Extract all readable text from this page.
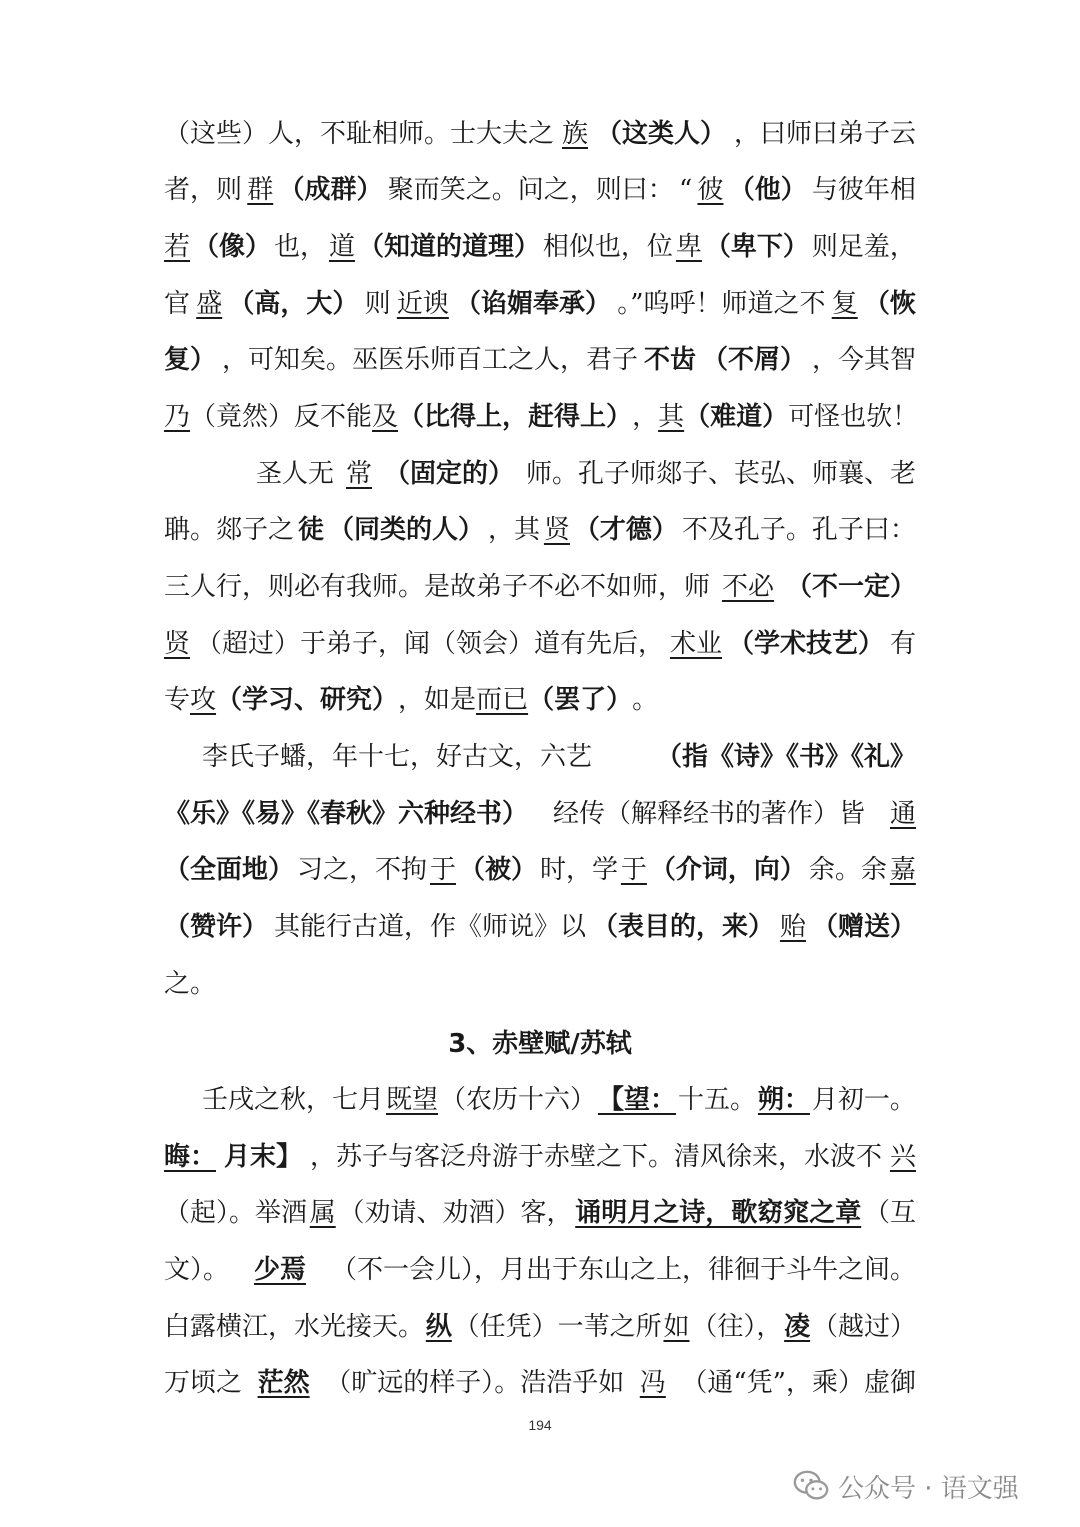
（这些）人，不耻相师。士大夫之 族 （这类人） ，曰师曰弟子云
者，则 群 （成群） 聚而笑之。问之，则曰： “ 彼 （他） 与彼年相
若 （像） 也， 道 （知道的道理） 相似也，位 卑 （卑下） 则足羞，
官 盛 （高，大） 则 近谀 （谄媚奉承） 。”呜呼！师道之不 复 （恢
复） ，可知矣。巫医乐师百工之人，君子 不齿 （不屑） ，今其智
乃 （竟然）反不能 及 （比得上，赶得上） ， 其 （难道） 可怪也欤！
圣人无 常 （固定的） 师。孔子师郯子、苌弘、师襄、老
聃。郯子之 徒 （同类的人） ，其 贤 （才德） 不及孔子。孔子曰：
三人行，则必有我师。是故弟子不必不如师，师 不必 （不一定）
贤 （超过）于弟子，闻（领会）道有先后， 术业 （学术技艺） 有
专 攻 （学习、研究） ，如是 而已 （罢了） 。
李氏子蟠，年十七，好古文，六艺 （指《诗》《书》《礼》
《乐》《易》《春秋》六种经书） 经传（解释经书的著作）皆 通
（全面地） 习之，不拘 于 （被） 时，学 于 （介词，向） 余。余 嘉
（赞许） 其能行古道，作《师说》以 （表目的，来） 贻 （赠送）
之。
壬戌之秋，七月 既望 （农历十六） 【望： 十五。 朔： 月初一。
晦： 月末】 ，苏子与客泛舟游于赤壁之下。清风徐来，水波不 兴
（起）。举酒 属 （劝请、劝酒）客， 诵明月之诗，歌窈窕之章 （互
文）。 少焉 （不一会儿），月出于东山之上，徘徊于斗牛之间。
白露横江，水光接天。 纵 （任凭）一苇之所 如 （往）， 凌 （越过）
万顷之 茫然 （旷远的样子）。浩浩乎如 冯 （通“凭”，乘）虚御
3、赤壁赋/苏轼
194
公众号 · 语文强
